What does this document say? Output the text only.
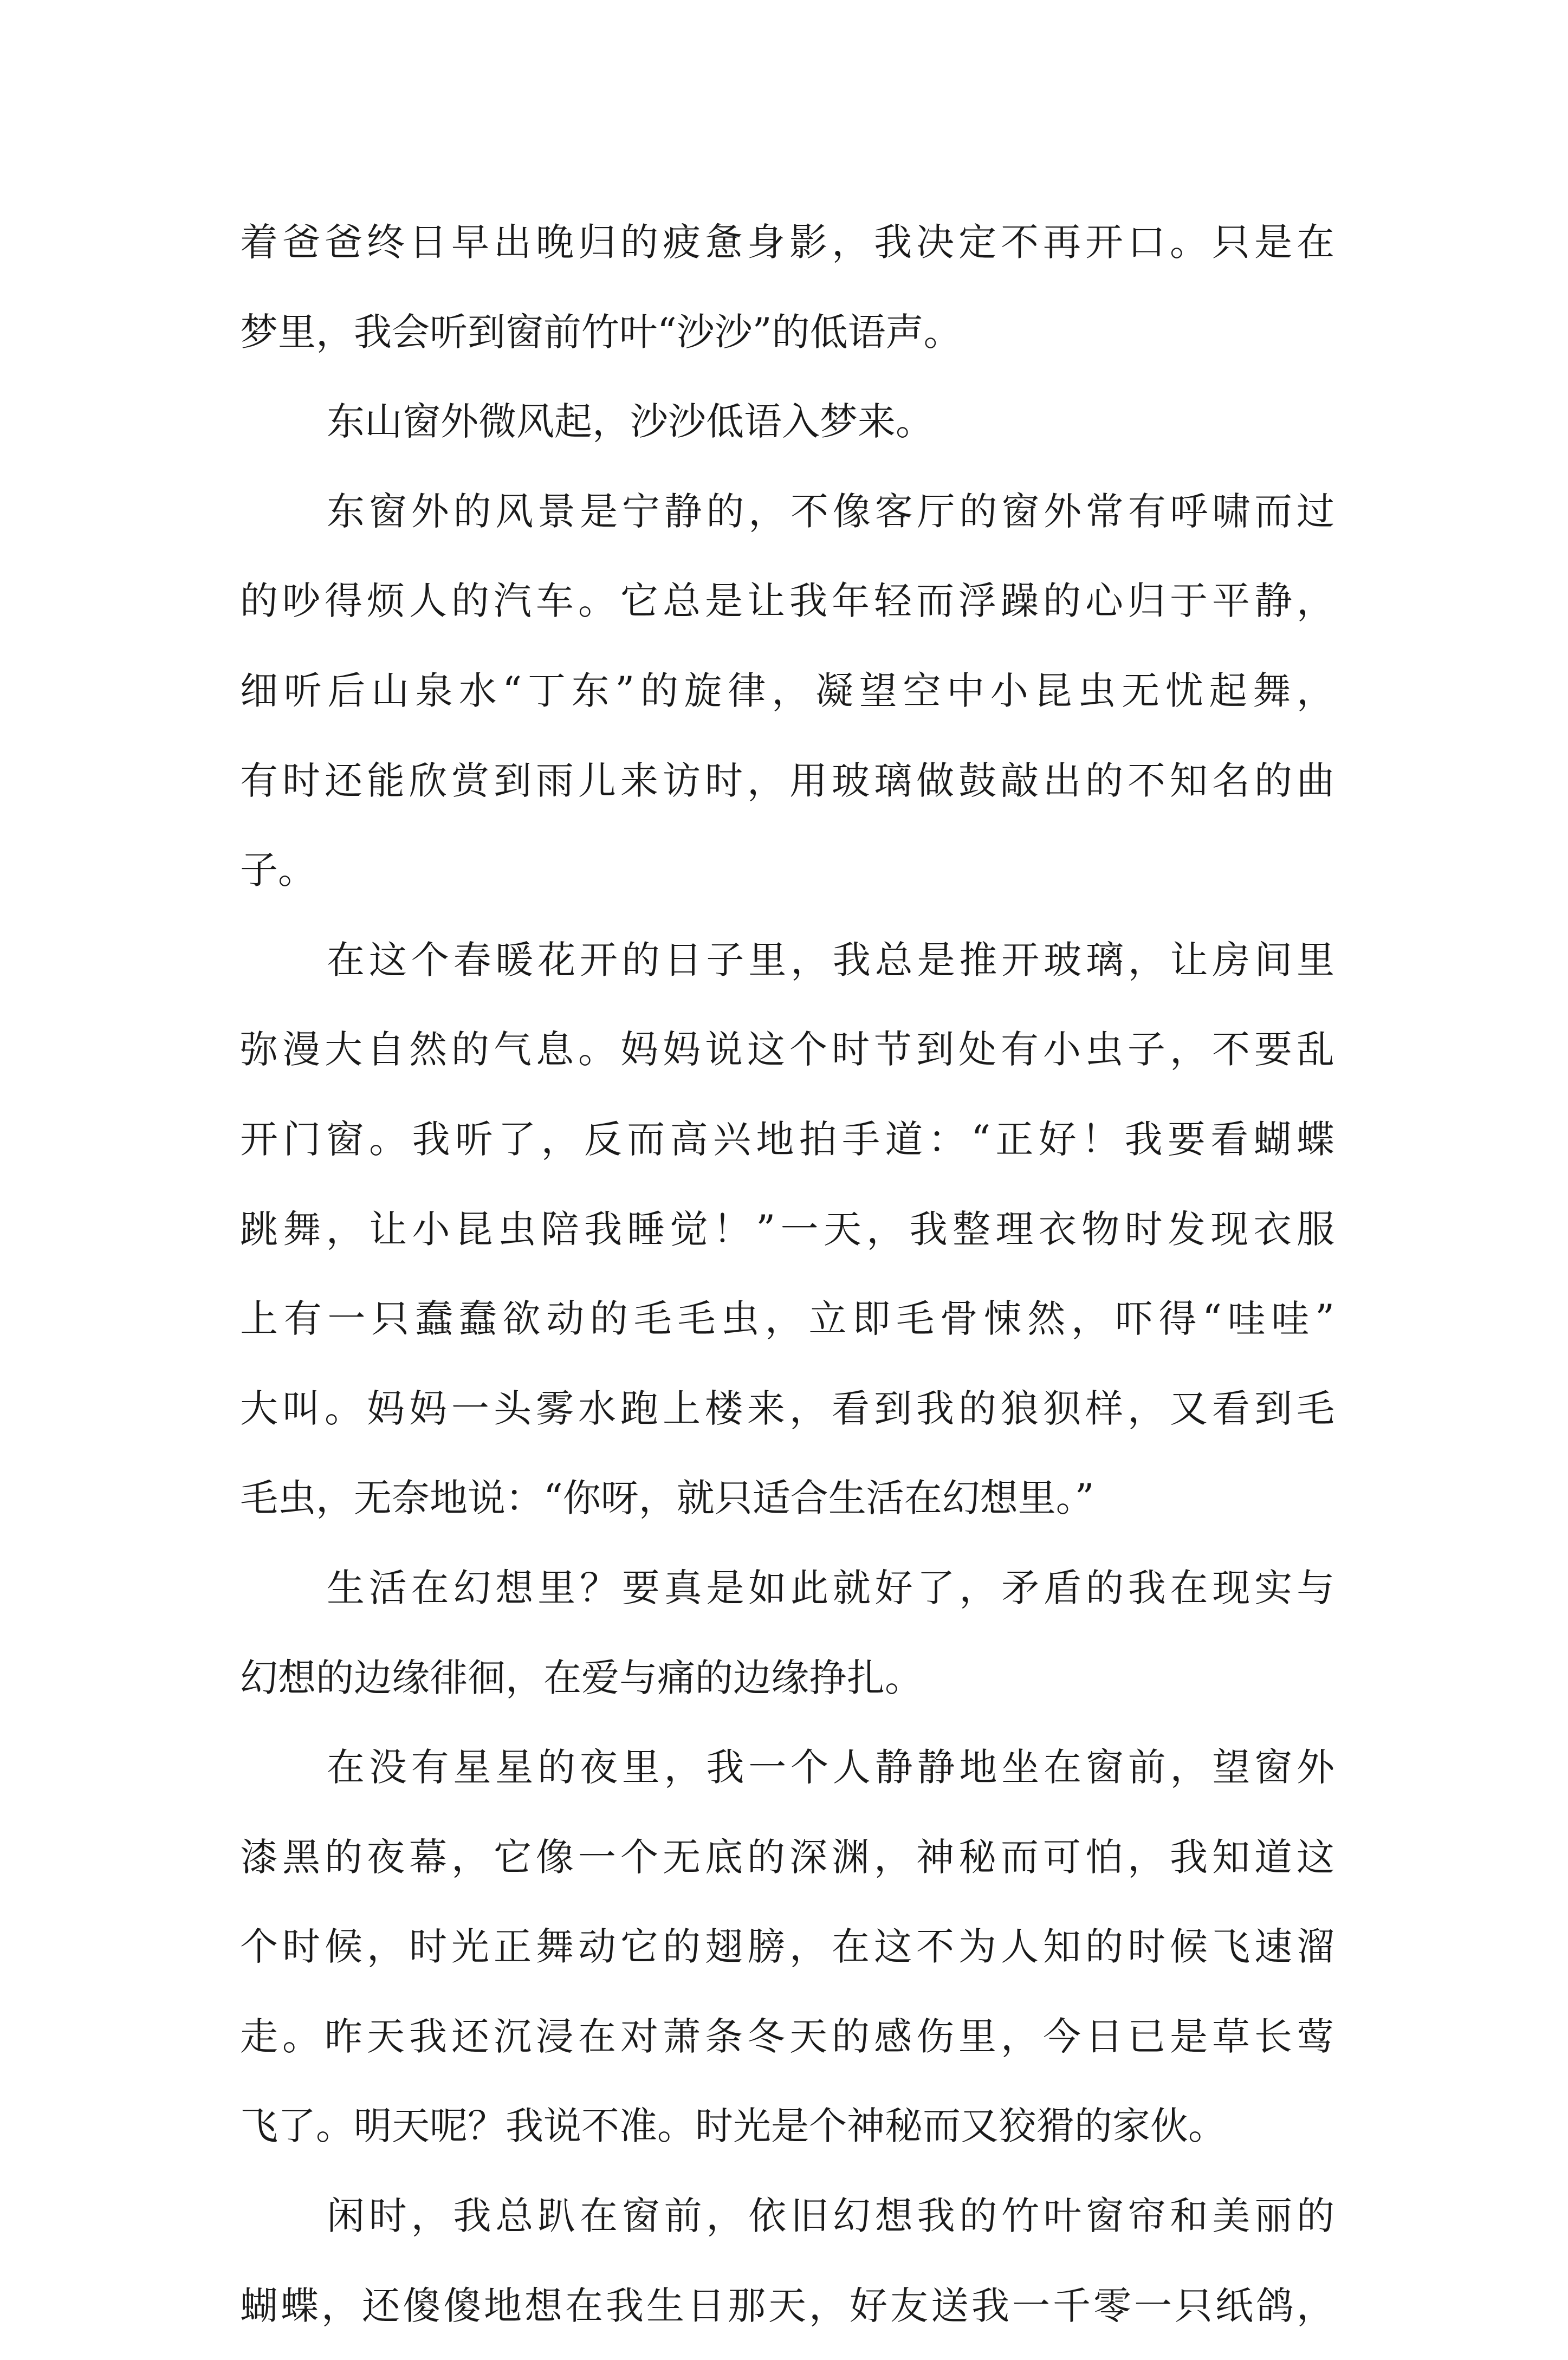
着爸爸终日早出晚归的疲惫身影，我决定不再开口。只是在
梦里，我会听到窗前竹叶“沙沙”的低语声。
东山窗外微风起，沙沙低语入梦来。
东窗外的风景是宁静的，不像客厅的窗外常有呼啸而过
的吵得烦人的汽车。它总是让我年轻而浮躁的心归于平静，
细听后山泉水“丁东”的旋律，凝望空中小昆虫无忧起舞，
有时还能欣赏到雨儿来访时，用玻璃做鼓敲出的不知名的曲
子。
在这个春暖花开的日子里，我总是推开玻璃，让房间里
弥漫大自然的气息。妈妈说这个时节到处有小虫子，不要乱
开门窗。我听了，反而高兴地拍手道：“正好！我要看蝴蝶
跳舞，让小昆虫陪我睡觉！”一天，我整理衣物时发现衣服
上有一只蠢蠢欲动的毛毛虫，立即毛骨悚然，吓得“哇哇”
大叫。妈妈一头雾水跑上楼来，看到我的狼狈样，又看到毛
毛虫，无奈地说：“你呀，就只适合生活在幻想里。”
生活在幻想里？要真是如此就好了，矛盾的我在现实与
幻想的边缘徘徊，在爱与痛的边缘挣扎。
在没有星星的夜里，我一个人静静地坐在窗前，望窗外
漆黑的夜幕，它像一个无底的深渊，神秘而可怕，我知道这
个时候，时光正舞动它的翅膀，在这不为人知的时候飞速溜
走。昨天我还沉浸在对萧条冬天的感伤里，今日已是草长莺
飞了。明天呢？我说不准。时光是个神秘而又狡猾的家伙。
闲时，我总趴在窗前，依旧幻想我的竹叶窗帘和美丽的
蝴蝶，还傻傻地想在我生日那天，好友送我一千零一只纸鸽，
